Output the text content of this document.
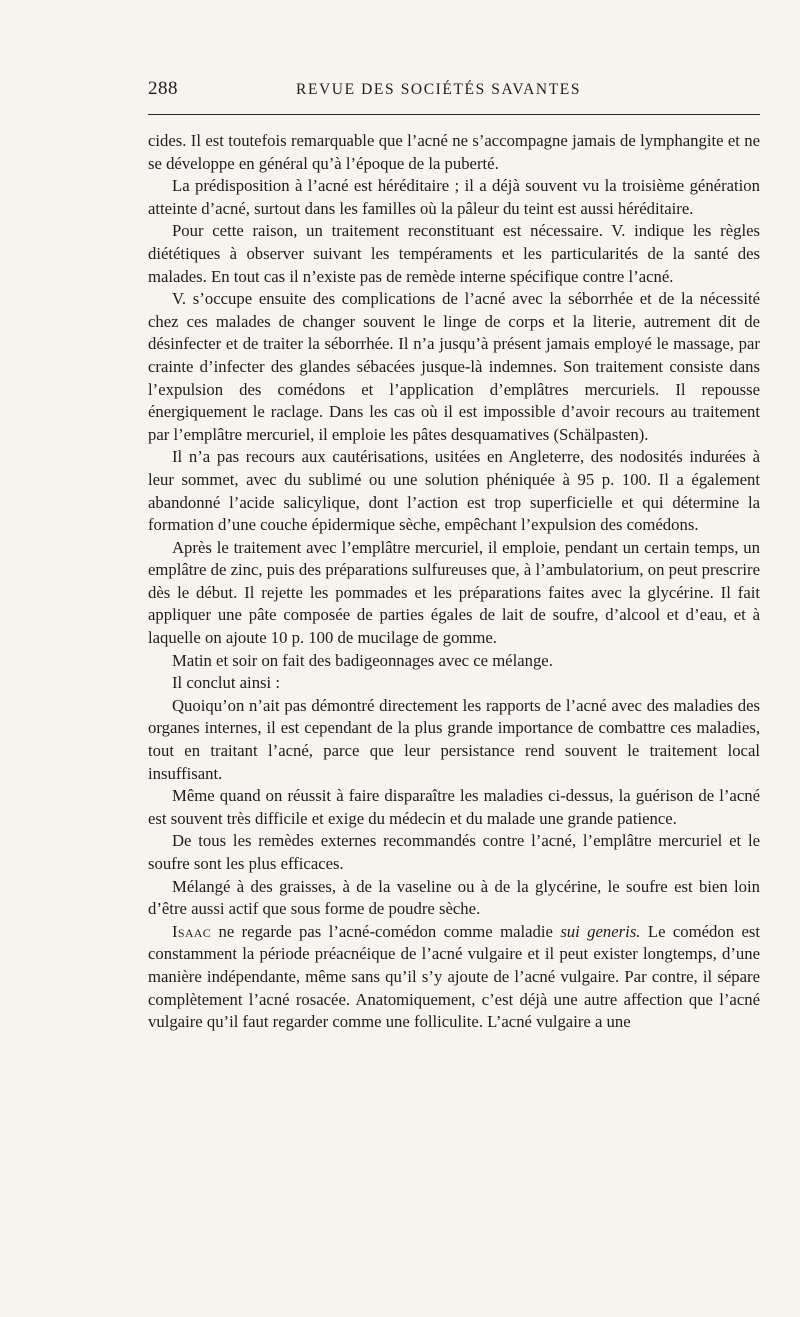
288	REVUE DES SOCIÉTÉS SAVANTES

cides. Il est toutefois remarquable que l’acné ne s’accompagne jamais de lymphangite et ne se développe en général qu’à l’époque de la puberté.

La prédisposition à l’acné est héréditaire ; il a déjà souvent vu la troisième génération atteinte d’acné, surtout dans les familles où la pâleur du teint est aussi héréditaire.

Pour cette raison, un traitement reconstituant est nécessaire. V. indique les règles diététiques à observer suivant les tempéraments et les particularités de la santé des malades. En tout cas il n’existe pas de remède interne spécifique contre l’acné.

V. s’occupe ensuite des complications de l’acné avec la séborrhée et de la nécessité chez ces malades de changer souvent le linge de corps et la literie, autrement dit de désinfecter et de traiter la séborrhée. Il n’a jusqu’à présent jamais employé le massage, par crainte d’infecter des glandes sébacées jusque-là indemnes. Son traitement consiste dans l’expulsion des comédons et l’application d’emplâtres mercuriels. Il repousse énergiquement le raclage. Dans les cas où il est impossible d’avoir recours au traitement par l’emplâtre mercuriel, il emploie les pâtes desquamatives (Schälpasten).

Il n’a pas recours aux cautérisations, usitées en Angleterre, des nodosités indurées à leur sommet, avec du sublimé ou une solution phéniquée à 95 p. 100. Il a également abandonné l’acide salicylique, dont l’action est trop superficielle et qui détermine la formation d’une couche épidermique sèche, empêchant l’expulsion des comédons.

Après le traitement avec l’emplâtre mercuriel, il emploie, pendant un certain temps, un emplâtre de zinc, puis des préparations sulfureuses que, à l’ambulatorium, on peut prescrire dès le début. Il rejette les pommades et les préparations faites avec la glycérine. Il fait appliquer une pâte composée de parties égales de lait de soufre, d’alcool et d’eau, et à laquelle on ajoute 10 p. 100 de mucilage de gomme.

Matin et soir on fait des badigeonnages avec ce mélange.

Il conclut ainsi :

Quoiqu’on n’ait pas démontré directement les rapports de l’acné avec des maladies des organes internes, il est cependant de la plus grande importance de combattre ces maladies, tout en traitant l’acné, parce que leur persistance rend souvent le traitement local insuffisant.

Même quand on réussit à faire disparaître les maladies ci-dessus, la guérison de l’acné est souvent très difficile et exige du médecin et du malade une grande patience.

De tous les remèdes externes recommandés contre l’acné, l’emplâtre mercuriel et le soufre sont les plus efficaces.

Mélangé à des graisses, à de la vaseline ou à de la glycérine, le soufre est bien loin d’être aussi actif que sous forme de poudre sèche.

Isaac ne regarde pas l’acné-comédon comme maladie sui generis. Le comédon est constamment la période préacnéique de l’acné vulgaire et il peut exister longtemps, d’une manière indépendante, même sans qu’il s’y ajoute de l’acné vulgaire. Par contre, il sépare complètement l’acné rosacée. Anatomiquement, c’est déjà une autre affection que l’acné vulgaire qu’il faut regarder comme une folliculite. L’acné vulgaire a une
